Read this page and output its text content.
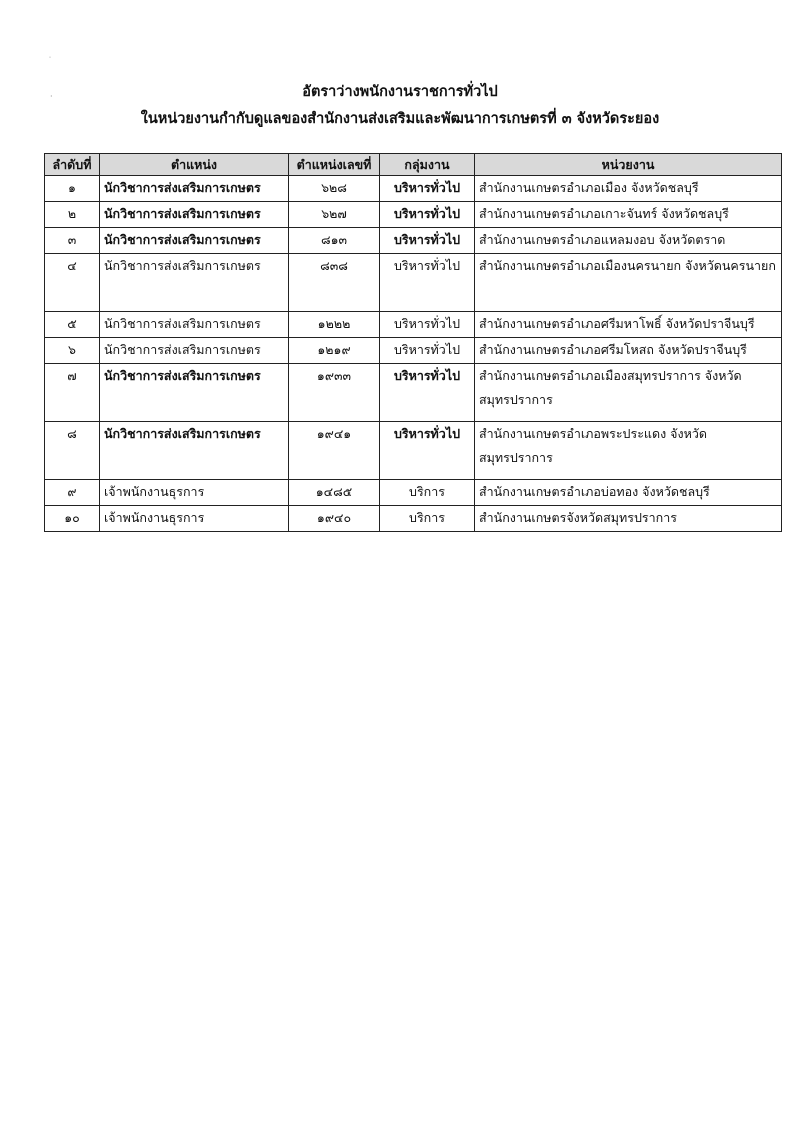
˙
·	อัตราว่างพนักงานราชการทั่วไป
ในหน่วยงานกำกับดูแลของสำนักงานส่งเสริมและพัฒนาการเกษตรที่ ๓ จังหวัดระยอง
ลำดับที่	ตำแหน่ง	ตำแหน่งเลขที่	กลุ่มงาน	หน่วยงาน
๑	นักวิชาการส่งเสริมการเกษตร	๖๒๘	บริหารทั่วไป	สำนักงานเกษตรอำเภอเมือง จังหวัดชลบุรี
๒	นักวิชาการส่งเสริมการเกษตร	๖๒๗	บริหารทั่วไป	สำนักงานเกษตรอำเภอเกาะจันทร์ จังหวัดชลบุรี
๓	นักวิชาการส่งเสริมการเกษตร	๘๑๓	บริหารทั่วไป	สำนักงานเกษตรอำเภอแหลมงอบ จังหวัดตราด
๔	นักวิชาการส่งเสริมการเกษตร	๘๓๘	บริหารทั่วไป	สำนักงานเกษตรอำเภอเมืองนครนายก จังหวัดนครนายก
๕	นักวิชาการส่งเสริมการเกษตร	๑๒๒๒	บริหารทั่วไป	สำนักงานเกษตรอำเภอศรีมหาโพธิ์ จังหวัดปราจีนบุรี
๖	นักวิชาการส่งเสริมการเกษตร	๑๒๑๙	บริหารทั่วไป	สำนักงานเกษตรอำเภอศรีมโหสถ จังหวัดปราจีนบุรี
๗	นักวิชาการส่งเสริมการเกษตร	๑๙๓๓	บริหารทั่วไป	สำนักงานเกษตรอำเภอเมืองสมุทรปราการ จังหวัดสมุทรปราการ
๘	นักวิชาการส่งเสริมการเกษตร	๑๙๔๑	บริหารทั่วไป	สำนักงานเกษตรอำเภอพระประแดง จังหวัดสมุทรปราการ
๙	เจ้าพนักงานธุรการ	๑๔๘๕	บริการ	สำนักงานเกษตรอำเภอบ่อทอง จังหวัดชลบุรี
๑๐	เจ้าพนักงานธุรการ	๑๙๔๐	บริการ	สำนักงานเกษตรจังหวัดสมุทรปราการ
